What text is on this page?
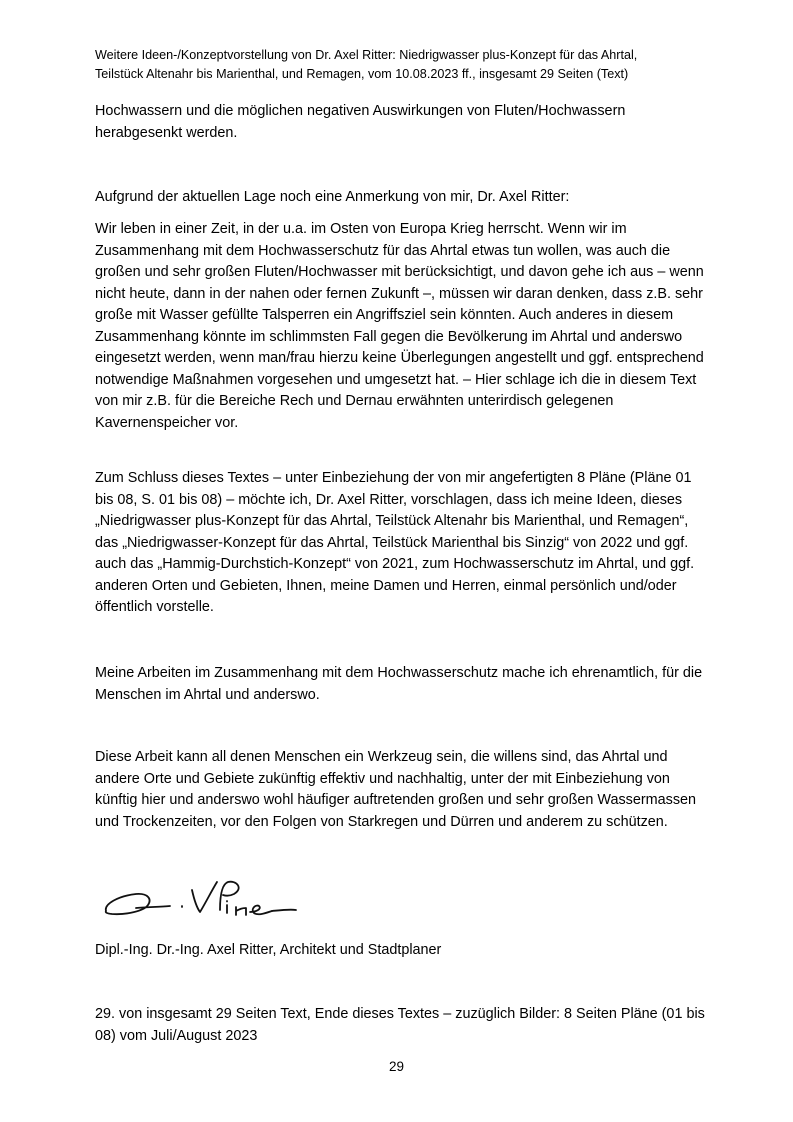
Weitere Ideen-/Konzeptvorstellung von Dr. Axel Ritter: Niedrigwasser plus-Konzept für das Ahrtal,
Teilstück Altenahr bis Marienthal, und Remagen, vom 10.08.2023 ff., insgesamt 29 Seiten (Text)
Hochwassern und die möglichen negativen Auswirkungen von Fluten/Hochwassern herabgesenkt werden.
Aufgrund der aktuellen Lage noch eine Anmerkung von mir, Dr. Axel Ritter:
Wir leben in einer Zeit, in der u.a. im Osten von Europa Krieg herrscht. Wenn wir im Zusammenhang mit dem Hochwasserschutz für das Ahrtal etwas tun wollen, was auch die großen und sehr großen Fluten/Hochwasser mit berücksichtigt, und davon gehe ich aus – wenn nicht heute, dann in der nahen oder fernen Zukunft –, müssen wir daran denken, dass z.B. sehr große mit Wasser gefüllte Talsperren ein Angriffsziel sein könnten. Auch anderes in diesem Zusammenhang könnte im schlimmsten Fall gegen die Bevölkerung im Ahrtal und anderswo eingesetzt werden, wenn man/frau hierzu keine Überlegungen angestellt und ggf. entsprechend notwendige Maßnahmen vorgesehen und umgesetzt hat. – Hier schlage ich die in diesem Text von mir z.B. für die Bereiche Rech und Dernau erwähnten unterirdisch gelegenen Kavernenspeicher vor.
Zum Schluss dieses Textes – unter Einbeziehung der von mir angefertigten 8 Pläne (Pläne 01 bis 08, S. 01 bis 08) – möchte ich, Dr. Axel Ritter, vorschlagen, dass ich meine Ideen, dieses „Niedrigwasser plus-Konzept für das Ahrtal, Teilstück Altenahr bis Marienthal, und Remagen“, das „Niedrigwasser-Konzept für das Ahrtal, Teilstück Marienthal bis Sinzig“ von 2022 und ggf. auch das „Hammig-Durchstich-Konzept“ von 2021, zum Hochwasserschutz im Ahrtal, und ggf. anderen Orten und Gebieten, Ihnen, meine Damen und Herren, einmal persönlich und/oder öffentlich vorstelle.
Meine Arbeiten im Zusammenhang mit dem Hochwasserschutz mache ich ehrenamtlich, für die Menschen im Ahrtal und anderswo.
Diese Arbeit kann all denen Menschen ein Werkzeug sein, die willens sind, das Ahrtal und andere Orte und Gebiete zukünftig effektiv und nachhaltig, unter der mit Einbeziehung von künftig hier und anderswo wohl häufiger auftretenden großen und sehr großen Wassermassen und Trockenzeiten, vor den Folgen von Starkregen und Dürren und anderem zu schützen.
Dipl.-Ing. Dr.-Ing. Axel Ritter, Architekt und Stadtplaner
29. von insgesamt 29 Seiten Text, Ende dieses Textes – zuzüglich Bilder: 8 Seiten Pläne (01 bis 08) vom Juli/August 2023
29
